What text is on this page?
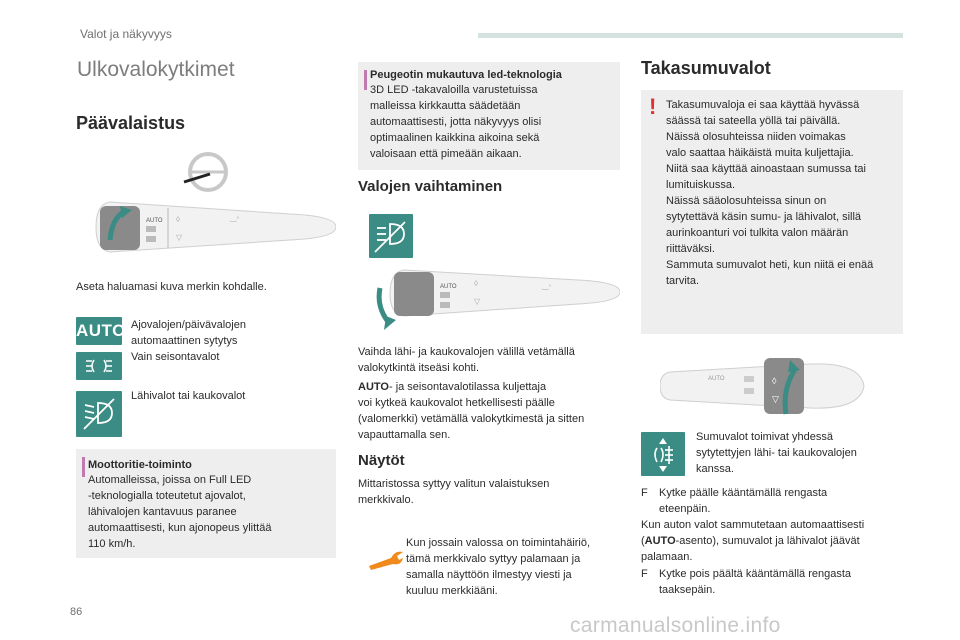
Valot ja näkyvyys
Ulkovalokytkimet
Päävalaistus
AUTO ◊
▽
‿◦
Aseta haluamasi kuva merkin kohdalle.
AUTO Ajovalojen/päivävalojen
automaattinen sytytys
Vain seisontavalot
Lähivalot tai kaukovalot
Moottoritie-toiminto
Automalleissa, joissa on Full LED
-teknologialla toteutetut ajovalot,
lähivalojen kantavuus paranee
automaattisesti, kun ajonopeus ylittää
110 km/h.
Peugeotin mukautuva led-teknologia
3D LED -takavaloilla varustetuissa
malleissa kirkkautta säädetään
automaattisesti, jotta näkyvyys olisi
optimaalinen kaikkina aikoina sekä
valoisaan että pimeään aikaan.
Valojen vaihtaminen
AUTO ◊
▽
‿◦
Vaihda lähi- ja kaukovalojen välillä vetämällä
valokytkintä itseäsi kohti.
AUTO- ja seisontavalotilassa kuljettaja
voi kytkeä kaukovalot hetkellisesti päälle
(valomerkki) vetämällä valokytkimestä ja sitten
vapauttamalla sen.
Näytöt
Mittaristossa syttyy valitun valaistuksen
merkkivalo.
Kun jossain valossa on toimintahäiriö,
tämä merkkivalo syttyy palamaan ja
samalla näyttöön ilmestyy viesti ja
kuuluu merkkiääni.
Takasumuvalot
! Takasumuvaloja ei saa käyttää hyvässä
säässä tai sateella yöllä tai päivällä.
Näissä olosuhteissa niiden voimakas
valo saattaa häikäistä muita kuljettajia.
Niitä saa käyttää ainoastaan sumussa tai
lumituiskussa.
Näissä sääolosuhteissa sinun on
sytytettävä käsin sumu- ja lähivalot, sillä
aurinkoanturi voi tulkita valon määrän
riittäväksi.
Sammuta sumuvalot heti, kun niitä ei enää
tarvita.
AUTO	◊
▽
Sumuvalot toimivat yhdessä
sytytettyjen lähi- tai kaukovalojen
kanssa.
F Kytke päälle kääntämällä rengasta
eteenpäin.
Kun auton valot sammutetaan automaattisesti
(AUTO-asento), sumuvalot ja lähivalot jäävät
palamaan.
F Kytke pois päältä kääntämällä rengasta
taaksepäin.
86
carmanualsonline.info
